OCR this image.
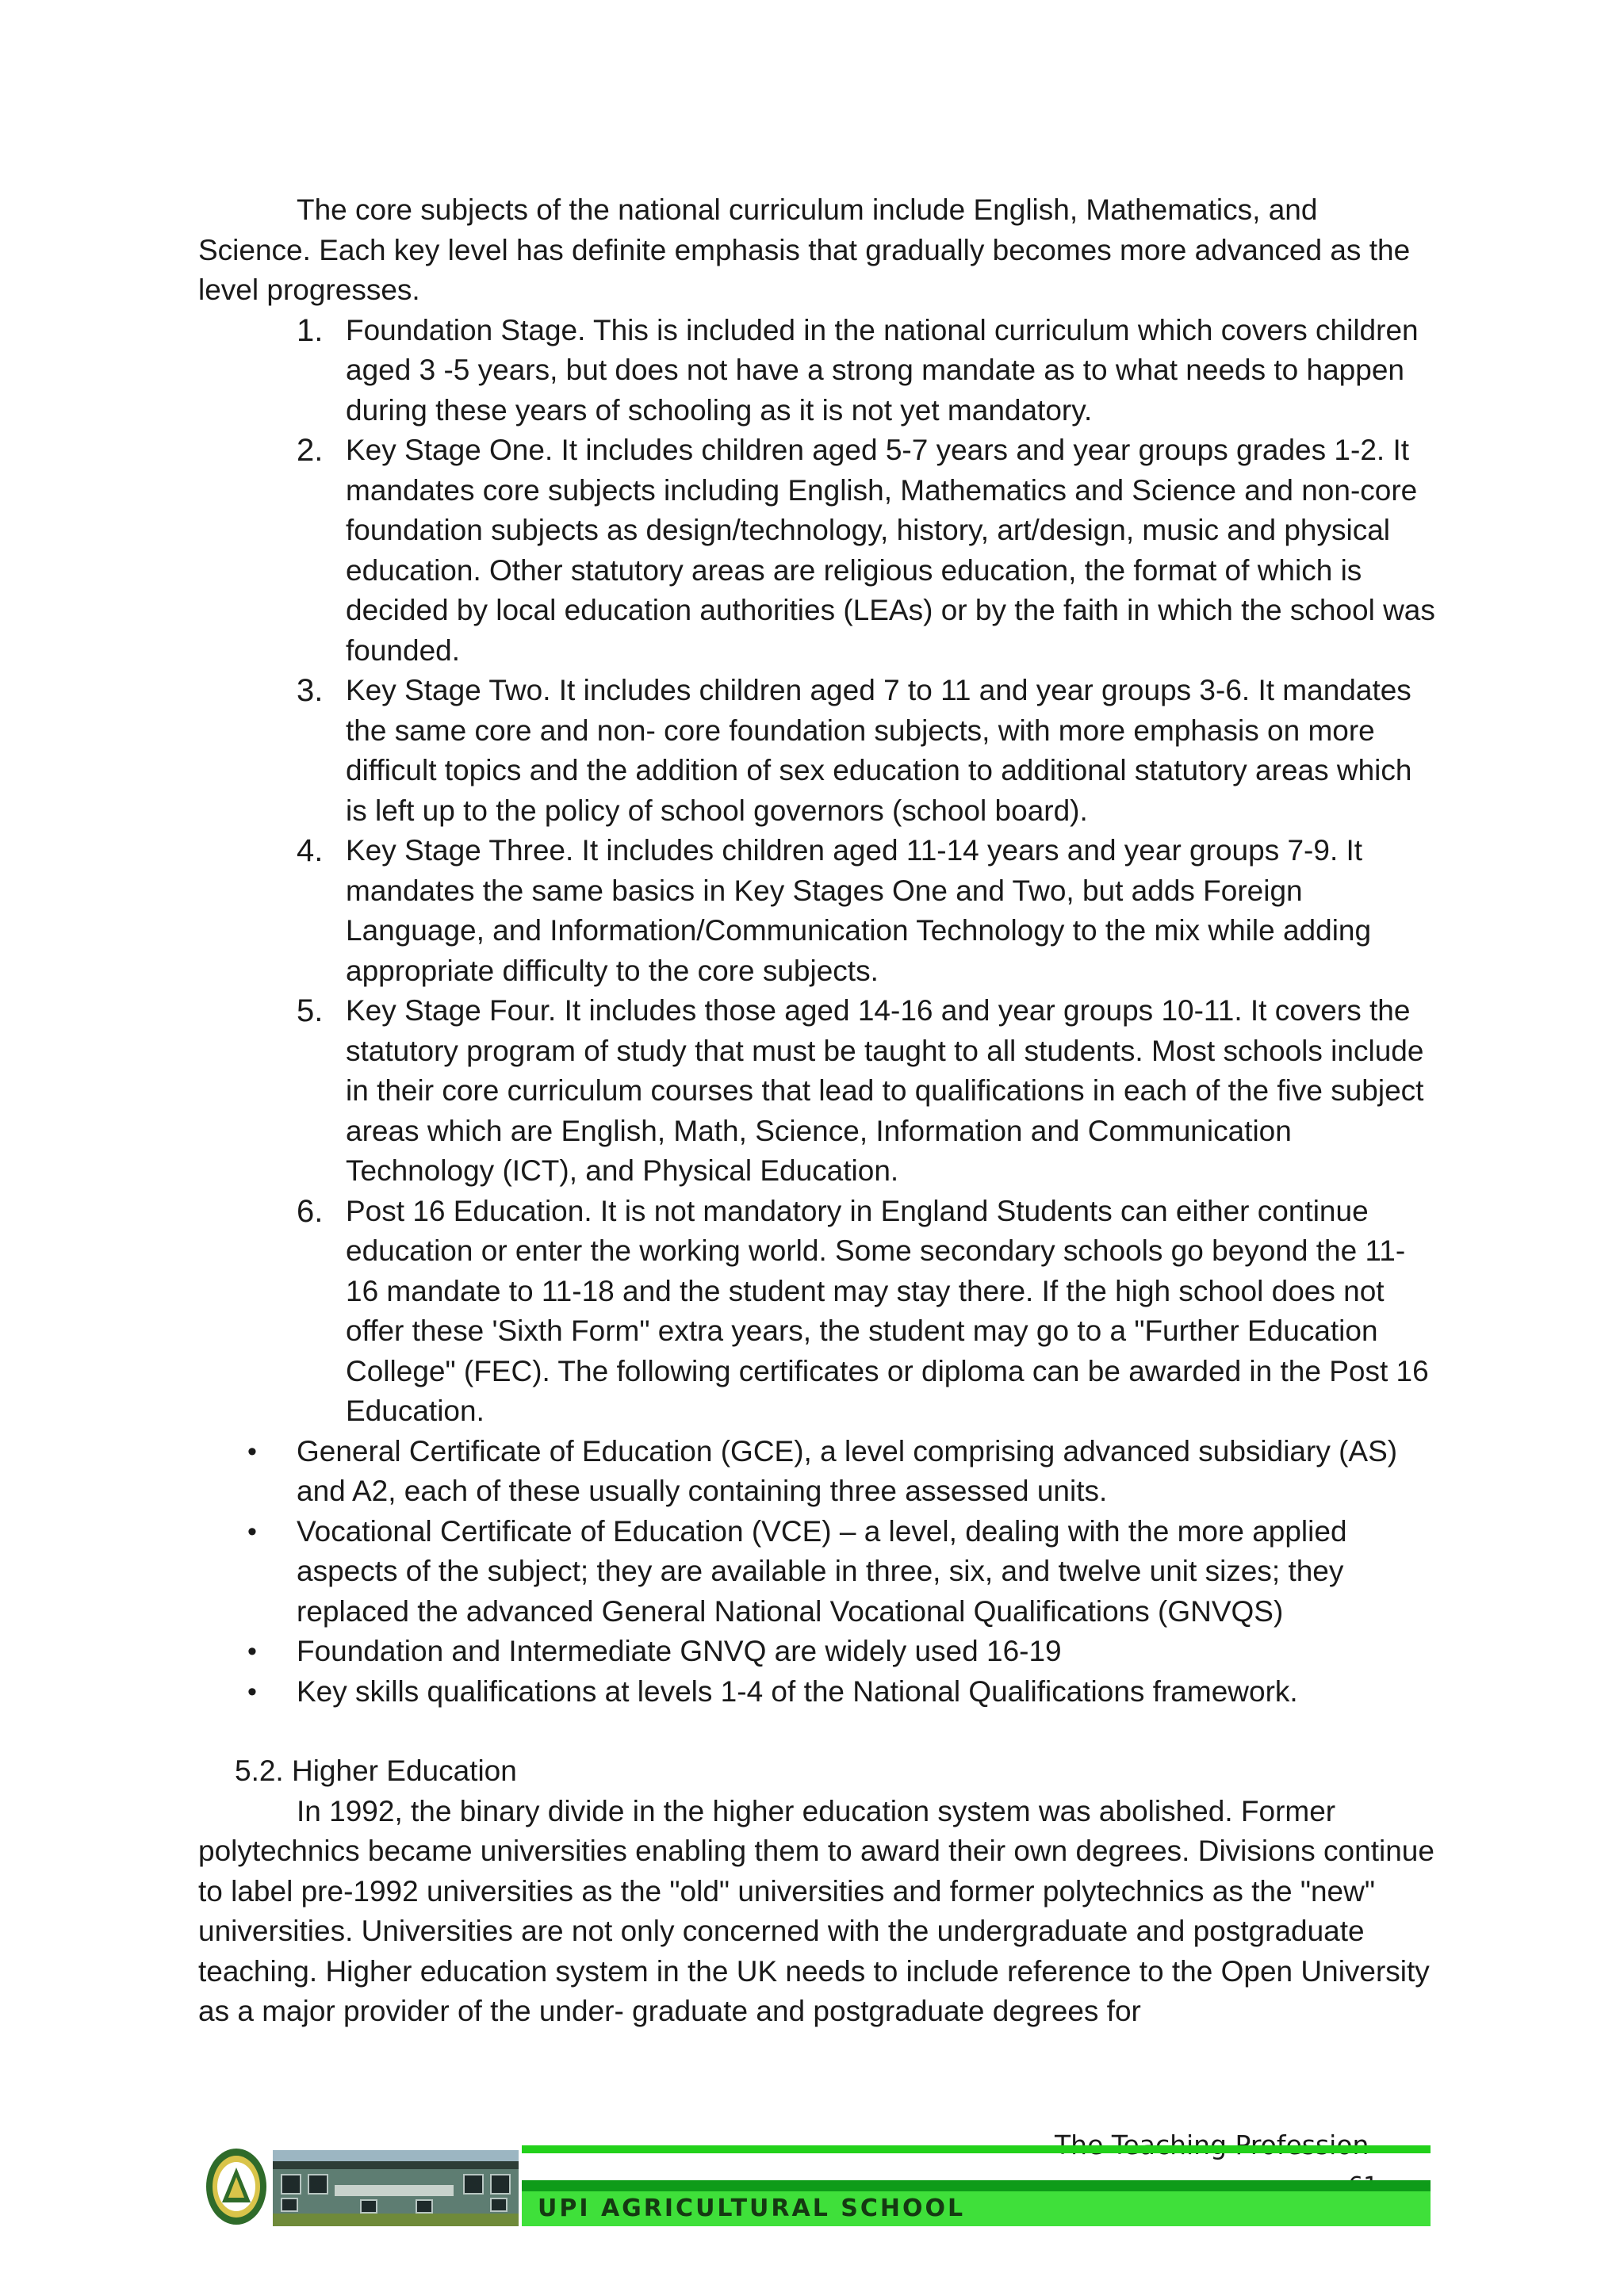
The core subjects of the national curriculum include English, Mathematics, and Science. Each key level has definite emphasis that gradually becomes more advanced as the level progresses.

1. Foundation Stage. This is included in the national curriculum which covers children aged 3 -5 years, but does not have a strong mandate as to what needs to happen during these years of schooling as it is not yet mandatory.
2. Key Stage One. It includes children aged 5-7 years and year groups grades 1-2. It mandates core subjects including English, Mathematics and Science and non-core foundation subjects as design/technology, history, art/design, music and physical education. Other statutory areas are religious education, the format of which is decided by local education authorities (LEAs) or by the faith in which the school was founded.
3. Key Stage Two. It includes children aged 7 to 11 and year groups 3-6. It mandates the same core and non- core foundation subjects, with more emphasis on more difficult topics and the addition of sex education to additional statutory areas which is left up to the policy of school governors (school board).
4. Key Stage Three. It includes children aged 11-14 years and year groups 7-9. It mandates the same basics in Key Stages One and Two, but adds Foreign Language, and Information/Communication Technology to the mix while adding appropriate difficulty to the core subjects.
5. Key Stage Four. It includes those aged 14-16 and year groups 10-11. It covers the statutory program of study that must be taught to all students. Most schools include in their core curriculum courses that lead to qualifications in each of the five subject areas which are English, Math, Science, Information and Communication Technology (ICT), and Physical Education.
6. Post 16 Education. It is not mandatory in England Students can either continue education or enter the working world. Some secondary schools go beyond the 11-16 mandate to 11-18 and the student may stay there. If the high school does not offer these 'Sixth Form" extra years, the student may go to a "Further Education College" (FEC). The following certificates or diploma can be awarded in the Post 16 Education.
• General Certificate of Education (GCE), a level comprising advanced subsidiary (AS) and A2, each of these usually containing three assessed units.
• Vocational Certificate of Education (VCE) – a level, dealing with the more applied aspects of the subject; they are available in three, six, and twelve unit sizes; they replaced the advanced General National Vocational Qualifications (GNVQS)
• Foundation and Intermediate GNVQ are widely used 16-19
• Key skills qualifications at levels 1-4 of the National Qualifications framework.

5.2. Higher Education

In 1992, the binary divide in the higher education system was abolished. Former polytechnics became universities enabling them to award their own degrees. Divisions continue to label pre-1992 universities as the "old" universities and former polytechnics as the "new" universities. Universities are not only concerned with the undergraduate and postgraduate teaching. Higher education system in the UK needs to include reference to the Open University as a major provider of the under- graduate and postgraduate degrees for

UPI AGRICULTURAL SCHOOL
